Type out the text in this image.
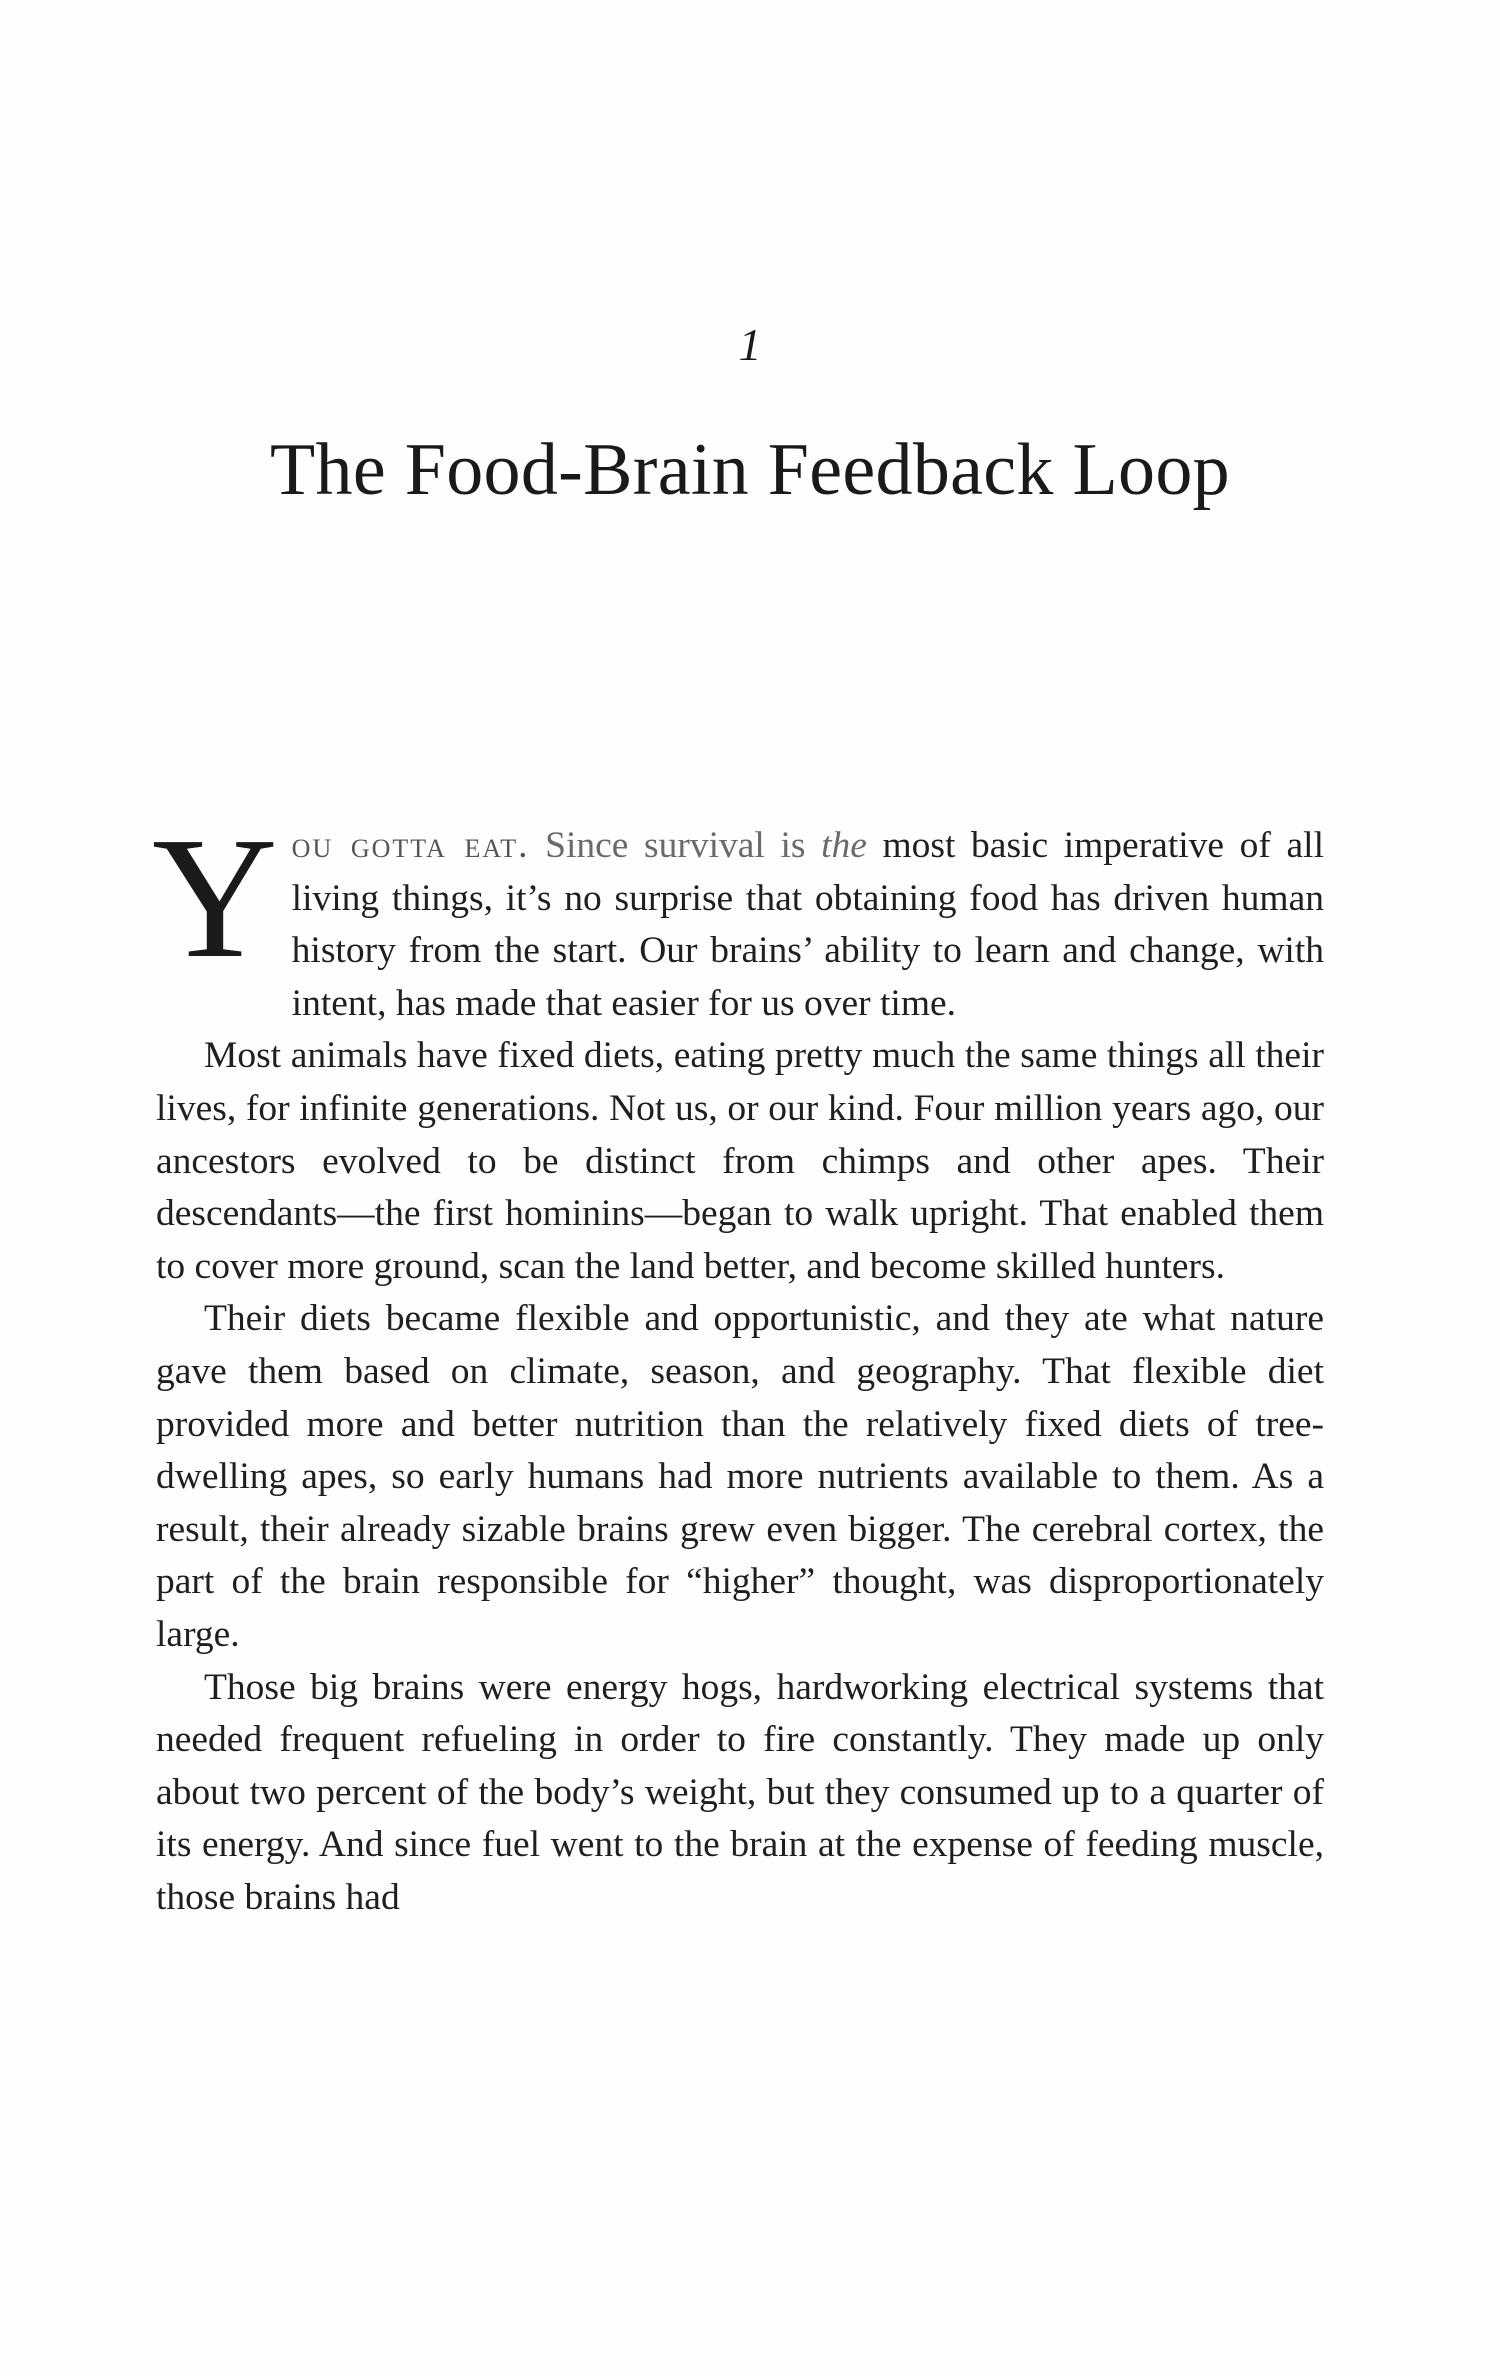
1
The Food-Brain Feedback Loop

You gotta eat. Since survival is the most basic imperative of all living things, it’s no surprise that obtaining food has driven human history from the start. Our brains’ ability to learn and change, with intent, has made that easier for us over time.

Most animals have fixed diets, eating pretty much the same things all their lives, for infinite generations. Not us, or our kind. Four million years ago, our ancestors evolved to be distinct from chimps and other apes. Their descendants—the first hominins—began to walk upright. That enabled them to cover more ground, scan the land better, and become skilled hunters.

Their diets became flexible and opportunistic, and they ate what nature gave them based on climate, season, and geography. That flexible diet provided more and better nutrition than the relatively fixed diets of tree-dwelling apes, so early humans had more nutrients available to them. As a result, their already sizable brains grew even bigger. The cerebral cortex, the part of the brain responsible for “higher” thought, was disproportionately large.

Those big brains were energy hogs, hardworking electrical systems that needed frequent refueling in order to fire constantly. They made up only about two percent of the body’s weight, but they consumed up to a quarter of its energy. And since fuel went to the brain at the expense of feeding muscle, those brains had
